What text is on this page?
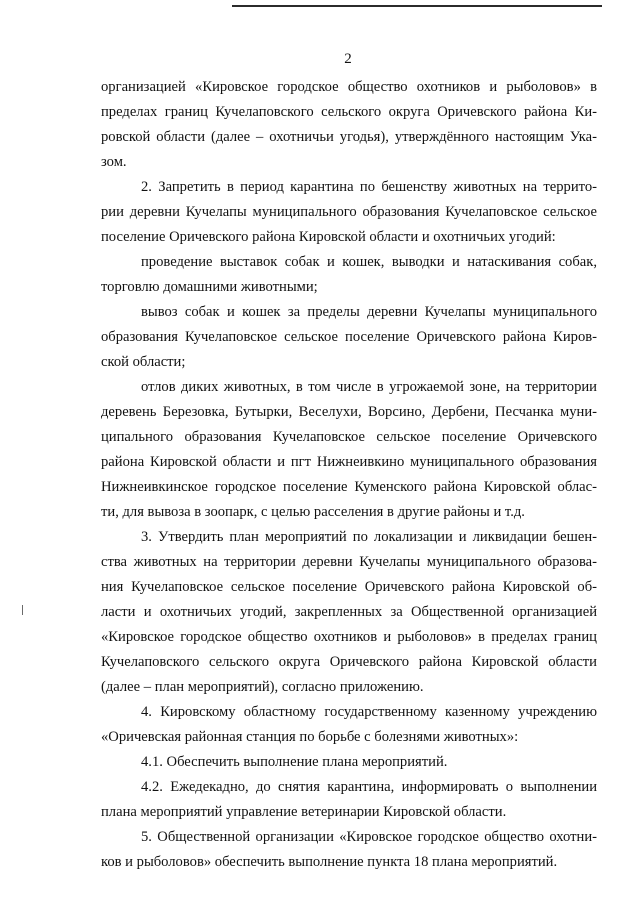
2
организацией «Кировское городское общество охотников и рыболовов» в
пределах границ Кучелаповского сельского округа Оричевского района Ки-
ровской области (далее – охотничьи угодья), утверждённого настоящим Ука-
зом.
2. Запретить в период карантина по бешенству животных на террито-
рии деревни Кучелапы муниципального образования Кучелаповское сельское
поселение Оричевского района Кировской области и охотничьих угодий:
проведение выставок собак и кошек, выводки и натаскивания собак,
торговлю домашними животными;
вывоз собак и кошек за пределы деревни Кучелапы муниципального
образования Кучелаповское сельское поселение Оричевского района Киров-
ской области;
отлов диких животных, в том числе в угрожаемой зоне, на территории
деревень Березовка, Бутырки, Веселухи, Ворсино, Дербени, Песчанка муни-
ципального образования Кучелаповское сельское поселение Оричевского
района Кировской области и пгт Нижнеивкино муниципального образования
Нижнеивкинское городское поселение Куменского района Кировской облас-
ти, для вывоза в зоопарк, с целью расселения в другие районы и т.д.
3. Утвердить план мероприятий по локализации и ликвидации бешен-
ства животных на территории деревни Кучелапы муниципального образова-
ния Кучелаповское сельское поселение Оричевского района Кировской об-
ласти и охотничьих угодий, закрепленных за Общественной организацией
«Кировское городское общество охотников и рыболовов» в пределах границ
Кучелаповского сельского округа Оричевского района Кировской области
(далее – план мероприятий), согласно приложению.
4. Кировскому областному государственному казенному учреждению
«Оричевская районная станция по борьбе с болезнями животных»:
4.1. Обеспечить выполнение плана мероприятий.
4.2. Ежедекадно, до снятия карантина, информировать о выполнении
плана мероприятий управление ветеринарии Кировской области.
5. Общественной организации «Кировское городское общество охотни-
ков и рыболовов» обеспечить выполнение пункта 18 плана мероприятий.
